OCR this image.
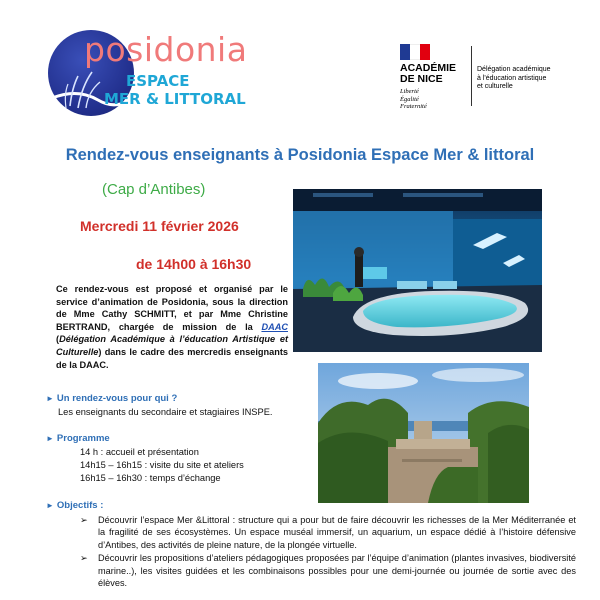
posidonia
ESPACE
MER & LITTORAL
ACADÉMIE
DE NICE
Liberté
Égalité
Fraternité
Délégation académique
à l'éducation artistique
et culturelle
Rendez-vous enseignants à Posidonia Espace Mer & littoral
(Cap d’Antibes)
Mercredi 11 février 2026
de 14h00 à 16h30
Ce rendez-vous est proposé et organisé par le service d’animation de Posidonia, sous la direction de Mme Cathy SCHMITT, et par Mme Christine BERTRAND, chargée de mission de la DAAC (Délégation Académique à l’éducation Artistique et Culturelle) dans le cadre des mercredis enseignants de la DAAC.
► Un rendez-vous pour qui ?
Les enseignants du secondaire et stagiaires INSPE.
► Programme
14 h : accueil et présentation
14h15 – 16h15 : visite du site et ateliers
16h15 – 16h30 : temps d’échange
► Objectifs :
➢ Découvrir l’espace Mer &Littoral : structure qui a pour but de faire découvrir les richesses de la Mer Méditerranée et la fragilité de ses écosystèmes. Un espace muséal immersif, un aquarium, un espace dédié à l’histoire défensive d’Antibes, des activités de pleine nature, de la plongée virtuelle.
➢ Découvrir les propositions d’ateliers pédagogiques proposées par l’équipe d’animation (plantes invasives, biodiversité marine..), les visites guidées et les combinaisons possibles pour une demi-journée ou journée de sortie avec des élèves.
